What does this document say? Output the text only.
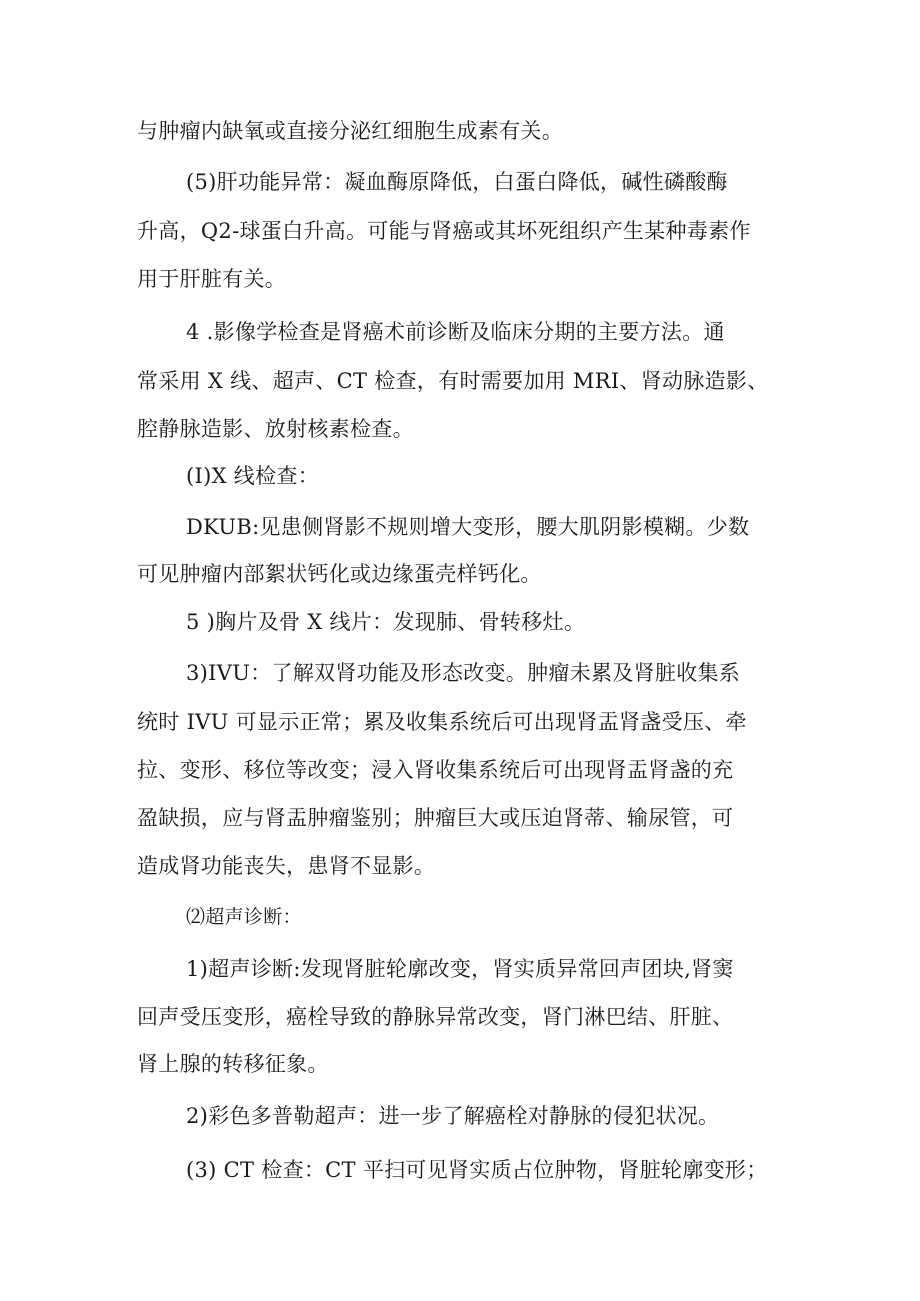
与肿瘤内缺氧或直接分泌红细胞生成素有关。
(5)肝功能异常：凝血酶原降低，白蛋白降低，碱性磷酸酶
升高，Q2-球蛋白升高。可能与肾癌或其坏死组织产生某种毒素作
用于肝脏有关。
4 .影像学检查是肾癌术前诊断及临床分期的主要方法。通
常采用 X 线、超声、CT 检查，有时需要加用 MRI、肾动脉造影、
腔静脉造影、放射核素检查。
(I)X 线检查：
DKUB:见患侧肾影不规则增大变形，腰大肌阴影模糊。少数
可见肿瘤内部絮状钙化或边缘蛋壳样钙化。
5 )胸片及骨 X 线片：发现肺、骨转移灶。
3)IVU：了解双肾功能及形态改变。肿瘤未累及肾脏收集系
统时 IVU 可显示正常；累及收集系统后可出现肾盂肾盏受压、牵
拉、变形、移位等改变；浸入肾收集系统后可出现肾盂肾盏的充
盈缺损，应与肾盂肿瘤鉴别；肿瘤巨大或压迫肾蒂、输尿管，可
造成肾功能丧失，患肾不显影。
⑵超声诊断：
1)超声诊断:发现肾脏轮廓改变，肾实质异常回声团块,肾窦
回声受压变形，癌栓导致的静脉异常改变，肾门淋巴结、肝脏、
肾上腺的转移征象。
2)彩色多普勒超声：进一步了解癌栓对静脉的侵犯状况。
(3) CT 检查：CT 平扫可见肾实质占位肿物，肾脏轮廓变形；
